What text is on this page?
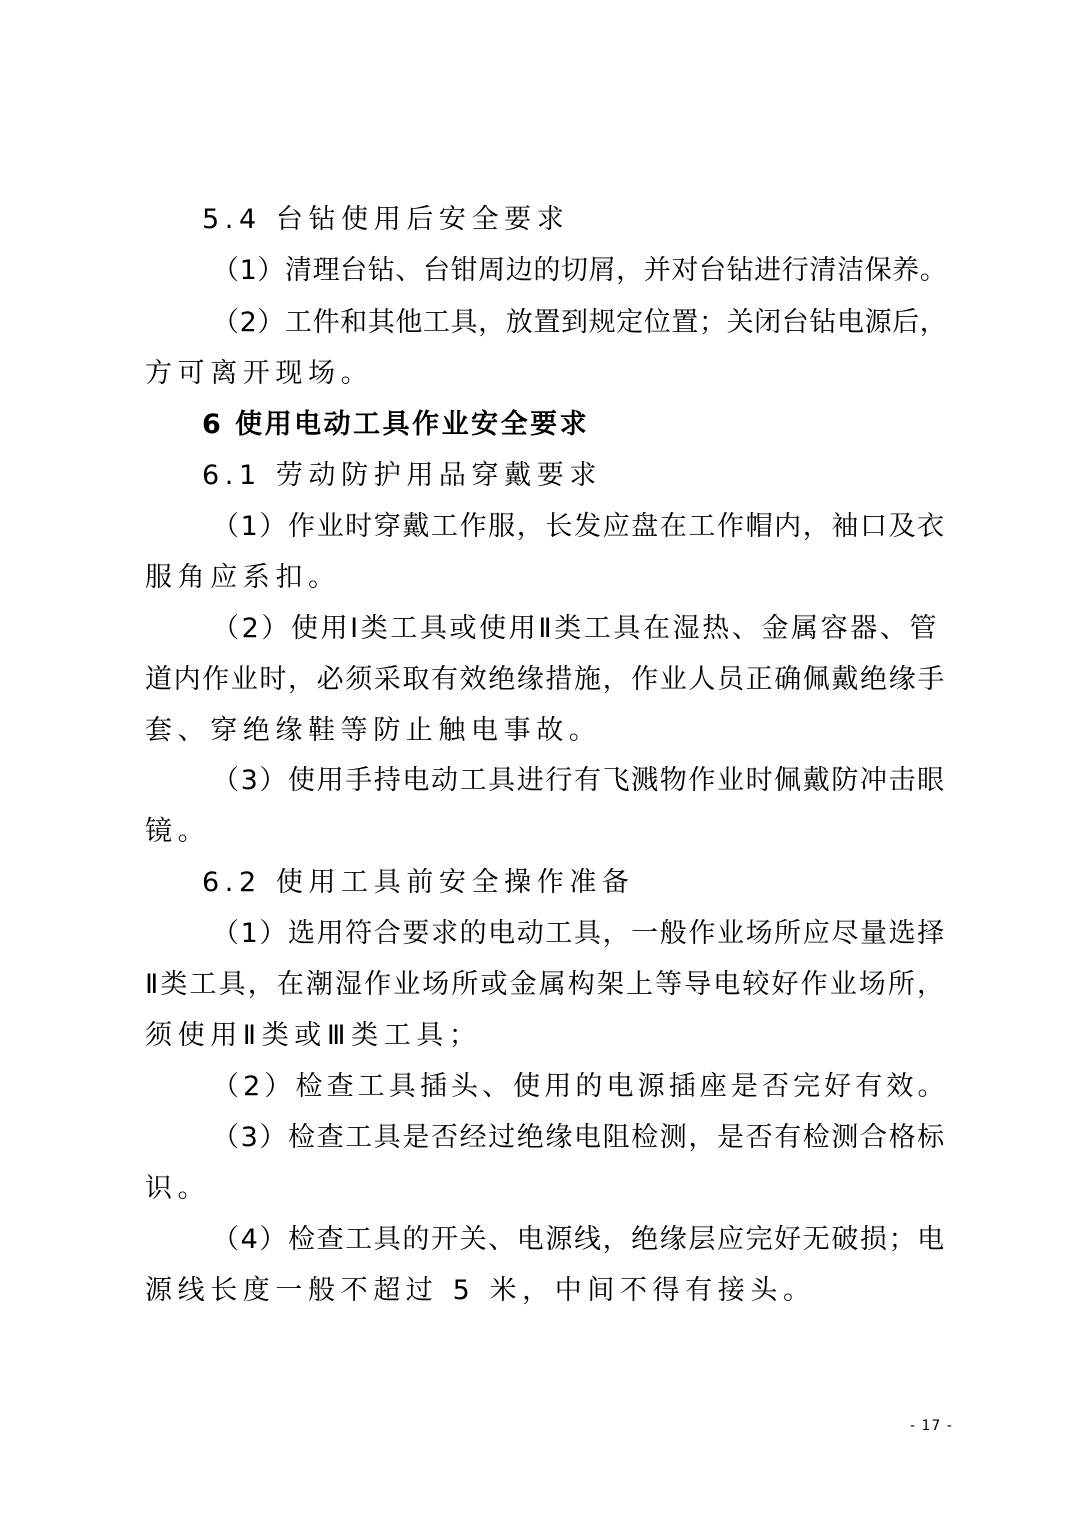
5.4 台钻使用后安全要求
（1）清理台钻、台钳周边的切屑，并对台钻进行清洁保养。
（2）工件和其他工具，放置到规定位置；关闭台钻电源后，
方可离开现场。
6 使用电动工具作业安全要求
6.1 劳动防护用品穿戴要求
（1）作业时穿戴工作服，长发应盘在工作帽内，袖口及衣
服角应系扣。
（2）使用Ⅰ类工具或使用Ⅱ类工具在湿热、金属容器、管
道内作业时，必须采取有效绝缘措施，作业人员正确佩戴绝缘手
套、穿绝缘鞋等防止触电事故。
（3）使用手持电动工具进行有飞溅物作业时佩戴防冲击眼
镜。
6.2 使用工具前安全操作准备
（1）选用符合要求的电动工具，一般作业场所应尽量选择
Ⅱ类工具，在潮湿作业场所或金属构架上等导电较好作业场所，
须使用Ⅱ类或Ⅲ类工具；
（2）检查工具插头、使用的电源插座是否完好有效。
（3）检查工具是否经过绝缘电阻检测，是否有检测合格标
识。
（4）检查工具的开关、电源线，绝缘层应完好无破损；电
源线长度一般不超过 5 米，中间不得有接头。
- 17 -
